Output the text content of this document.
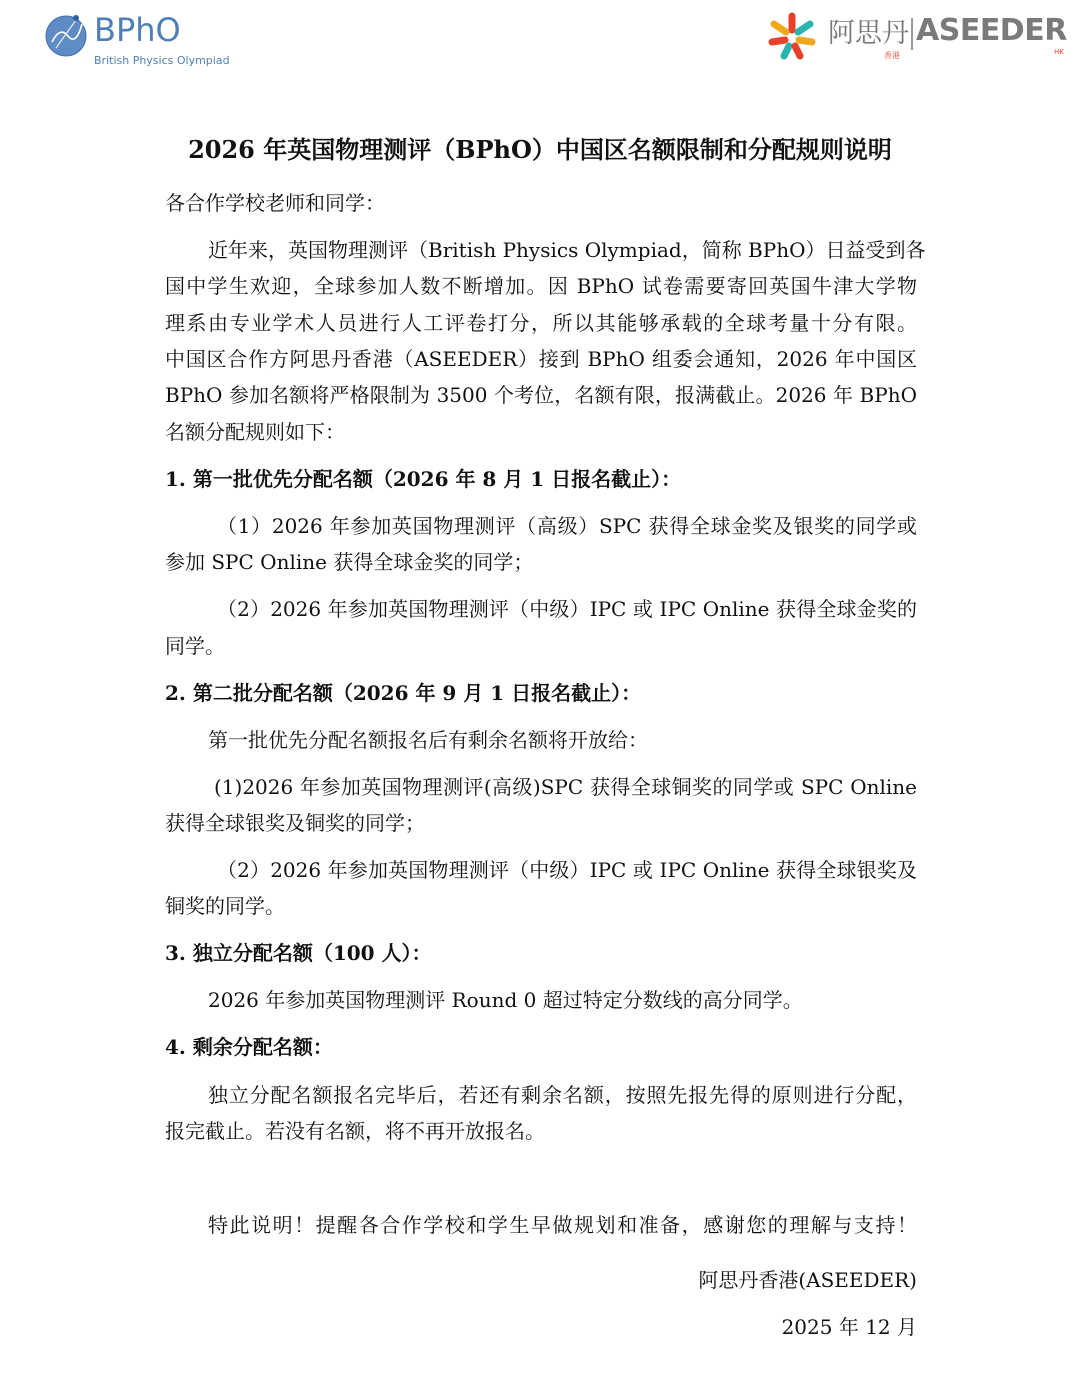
BPhO
British Physics Olympiad
阿思丹
香港
ASEEDER
HK
2026 年英国物理测评（BPhO）中国区名额限制和分配规则说明
各合作学校老师和同学：
近年来，英国物理测评（British Physics Olympiad，简称 BPhO）日益受到各
国中学生欢迎，全球参加人数不断增加。因 BPhO 试卷需要寄回英国牛津大学物
理系由专业学术人员进行人工评卷打分，所以其能够承载的全球考量十分有限。
中国区合作方阿思丹香港（ASEEDER）接到 BPhO 组委会通知，2026 年中国区
BPhO 参加名额将严格限制为 3500 个考位，名额有限，报满截止。2026 年 BPhO
名额分配规则如下：
1. 第一批优先分配名额（2026 年 8 月 1 日报名截止）：
（1）2026 年参加英国物理测评（高级）SPC 获得全球金奖及银奖的同学或
参加 SPC Online 获得全球金奖的同学；
（2）2026 年参加英国物理测评（中级）IPC 或 IPC Online 获得全球金奖的
同学。
2. 第二批分配名额（2026 年 9 月 1 日报名截止）：
第一批优先分配名额报名后有剩余名额将开放给：
(1)2026 年参加英国物理测评(高级)SPC 获得全球铜奖的同学或 SPC Online
获得全球银奖及铜奖的同学；
（2）2026 年参加英国物理测评（中级）IPC 或 IPC Online 获得全球银奖及
铜奖的同学。
3. 独立分配名额（100 人）：
2026 年参加英国物理测评 Round 0 超过特定分数线的高分同学。
4. 剩余分配名额：
独立分配名额报名完毕后，若还有剩余名额，按照先报先得的原则进行分配，
报完截止。若没有名额，将不再开放报名。
特此说明！提醒各合作学校和学生早做规划和准备，感谢您的理解与支持！
阿思丹香港(ASEEDER)
2025 年 12 月
